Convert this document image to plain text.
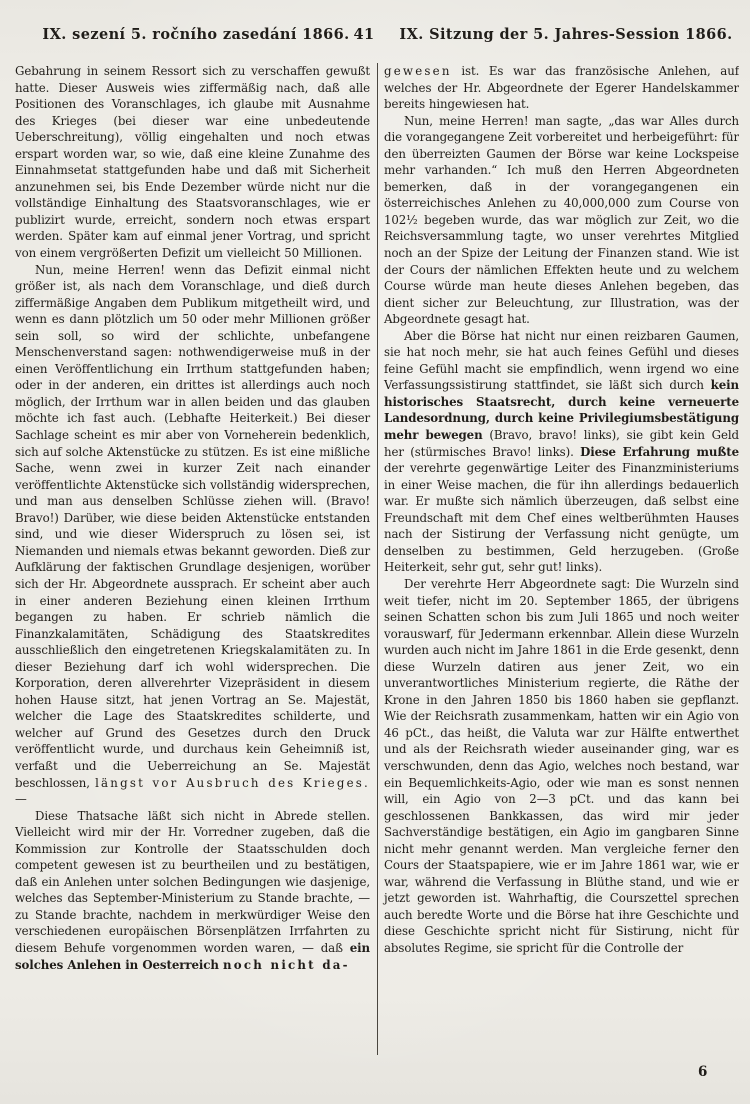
IX. sezení 5. ročního zasedání 1866. 41 IX. Sitzung der 5. Jahres-Session 1866.

Gebahrung in seinem Ressort sich zu verschaffen gewußt hatte. Dieser Ausweis wies ziffermäßig nach, daß alle Positionen des Voranschlages, ich glaube mit Ausnahme des Krieges (bei dieser war eine unbedeutende Ueberschreitung), völlig eingehalten und noch etwas erspart worden war, so wie, daß eine kleine Zunahme des Einnahmsetat stattgefunden habe und daß mit Sicherheit anzunehmen sei, bis Ende Dezember würde nicht nur die vollständige Einhaltung des Staatsvoranschlages, wie er publizirt wurde, erreicht, sondern noch etwas erspart werden. Später kam auf einmal jener Vortrag, und spricht von einem vergrößerten Defizit um vielleicht 50 Millionen.

Nun, meine Herren! wenn das Defizit einmal nicht größer ist, als nach dem Voranschlage, und dieß durch ziffermäßige Angaben dem Publikum mitgetheilt wird, und wenn es dann plötzlich um 50 oder mehr Millionen größer sein soll, so wird der schlichte, unbefangene Menschenverstand sagen: nothwendigerweise muß in der einen Veröffentlichung ein Irrthum stattgefunden haben; oder in der anderen, ein drittes ist allerdings auch noch möglich, der Irrthum war in allen beiden und das glauben möchte ich fast auch. (Lebhafte Heiterkeit.) Bei dieser Sachlage scheint es mir aber von Vorneherein bedenklich, sich auf solche Aktenstücke zu stützen. Es ist eine mißliche Sache, wenn zwei in kurzer Zeit nach einander veröffentlichte Aktenstücke sich vollständig widersprechen, und man aus denselben Schlüsse ziehen will. (Bravo! Bravo!) Darüber, wie diese beiden Aktenstücke entstanden sind, und wie dieser Widerspruch zu lösen sei, ist Niemanden und niemals etwas bekannt geworden. Dieß zur Aufklärung der faktischen Grundlage desjenigen, worüber sich der Hr. Abgeordnete aussprach. Er scheint aber auch in einer anderen Beziehung einen kleinen Irrthum begangen zu haben. Er schrieb nämlich die Finanzkalamitäten, Schädigung des Staatskredites ausschließlich den eingetretenen Kriegskalamitäten zu. In dieser Beziehung darf ich wohl widersprechen. Die Korporation, deren allverehrter Vizepräsident in diesem hohen Hause sitzt, hat jenen Vortrag an Se. Majestät, welcher die Lage des Staatskredites schilderte, und welcher auf Grund des Gesetzes durch den Druck veröffentlicht wurde, und durchaus kein Geheimniß ist, verfaßt und die Ueberreichung an Se. Majestät beschlossen, längst vor Ausbruch des Krieges. —

Diese Thatsache läßt sich nicht in Abrede stellen. Vielleicht wird mir der Hr. Vorredner zugeben, daß die Kommission zur Kontrolle der Staatsschulden doch competent gewesen ist zu beurtheilen und zu bestätigen, daß ein Anlehen unter solchen Bedingungen wie dasjenige, welches das September-Ministerium zu Stande brachte, — zu Stande brachte, nachdem in merkwürdiger Weise den verschiedenen europäischen Börsenplätzen Irrfahrten zu diesem Behufe vorgenommen worden waren, — daß ein solches Anlehen in Oesterreich noch nicht da-

gewesen ist. Es war das französische Anlehen, auf welches der Hr. Abgeordnete der Egerer Handelskammer bereits hingewiesen hat.

Nun, meine Herren! man sagte, „das war Alles durch die vorangegangene Zeit vorbereitet und herbeigeführt: für den überreizten Gaumen der Börse war keine Lockspeise mehr varhanden.“ Ich muß den Herren Abgeordneten bemerken, daß in der vorangegangenen ein österreichisches Anlehen zu 40,000,000 zum Course von 102½ begeben wurde, das war möglich zur Zeit, wo die Reichsversammlung tagte, wo unser verehrtes Mitglied noch an der Spize der Leitung der Finanzen stand. Wie ist der Cours der nämlichen Effekten heute und zu welchem Course würde man heute dieses Anlehen begeben, das dient sicher zur Beleuchtung, zur Illustration, was der Abgeordnete gesagt hat.

Aber die Börse hat nicht nur einen reizbaren Gaumen, sie hat noch mehr, sie hat auch feines Gefühl und dieses feine Gefühl macht sie empfindlich, wenn irgend wo eine Verfassungssistirung stattfindet, sie läßt sich durch kein historisches Staatsrecht, durch keine verneuerte Landesordnung, durch keine Privilegiumsbestätigung mehr bewegen (Bravo, bravo! links), sie gibt kein Geld her (stürmisches Bravo! links). Diese Erfahrung mußte der verehrte gegenwärtige Leiter des Finanzministeriums in einer Weise machen, die für ihn allerdings bedauerlich war. Er mußte sich nämlich überzeugen, daß selbst eine Freundschaft mit dem Chef eines weltberühmten Hauses nach der Sistirung der Verfassung nicht genügte, um denselben zu bestimmen, Geld herzugeben. (Große Heiterkeit, sehr gut, sehr gut! links).

Der verehrte Herr Abgeordnete sagt: Die Wurzeln sind weit tiefer, nicht im 20. September 1865, der übrigens seinen Schatten schon bis zum Juli 1865 und noch weiter vorauswarf, für Jedermann erkennbar. Allein diese Wurzeln wurden auch nicht im Jahre 1861 in die Erde gesenkt, denn diese Wurzeln datiren aus jener Zeit, wo ein unverantwortliches Ministerium regierte, die Räthe der Krone in den Jahren 1850 bis 1860 haben sie gepflanzt. Wie der Reichsrath zusammenkam, hatten wir ein Agio von 46 pCt., das heißt, die Valuta war zur Hälfte entwerthet und als der Reichsrath wieder auseinander ging, war es verschwunden, denn das Agio, welches noch bestand, war ein Bequemlichkeits-Agio, oder wie man es sonst nennen will, ein Agio von 2—3 pCt. und das kann bei geschlossenen Bankkassen, das wird mir jeder Sachverständige bestätigen, ein Agio im gangbaren Sinne nicht mehr genannt werden. Man vergleiche ferner den Cours der Staatspapiere, wie er im Jahre 1861 war, wie er war, während die Verfassung in Blüthe stand, und wie er jetzt geworden ist. Wahrhaftig, die Courszettel sprechen auch beredte Worte und die Börse hat ihre Geschichte und diese Geschichte spricht nicht für Sistirung, nicht für absolutes Regime, sie spricht für die Controlle der

6
